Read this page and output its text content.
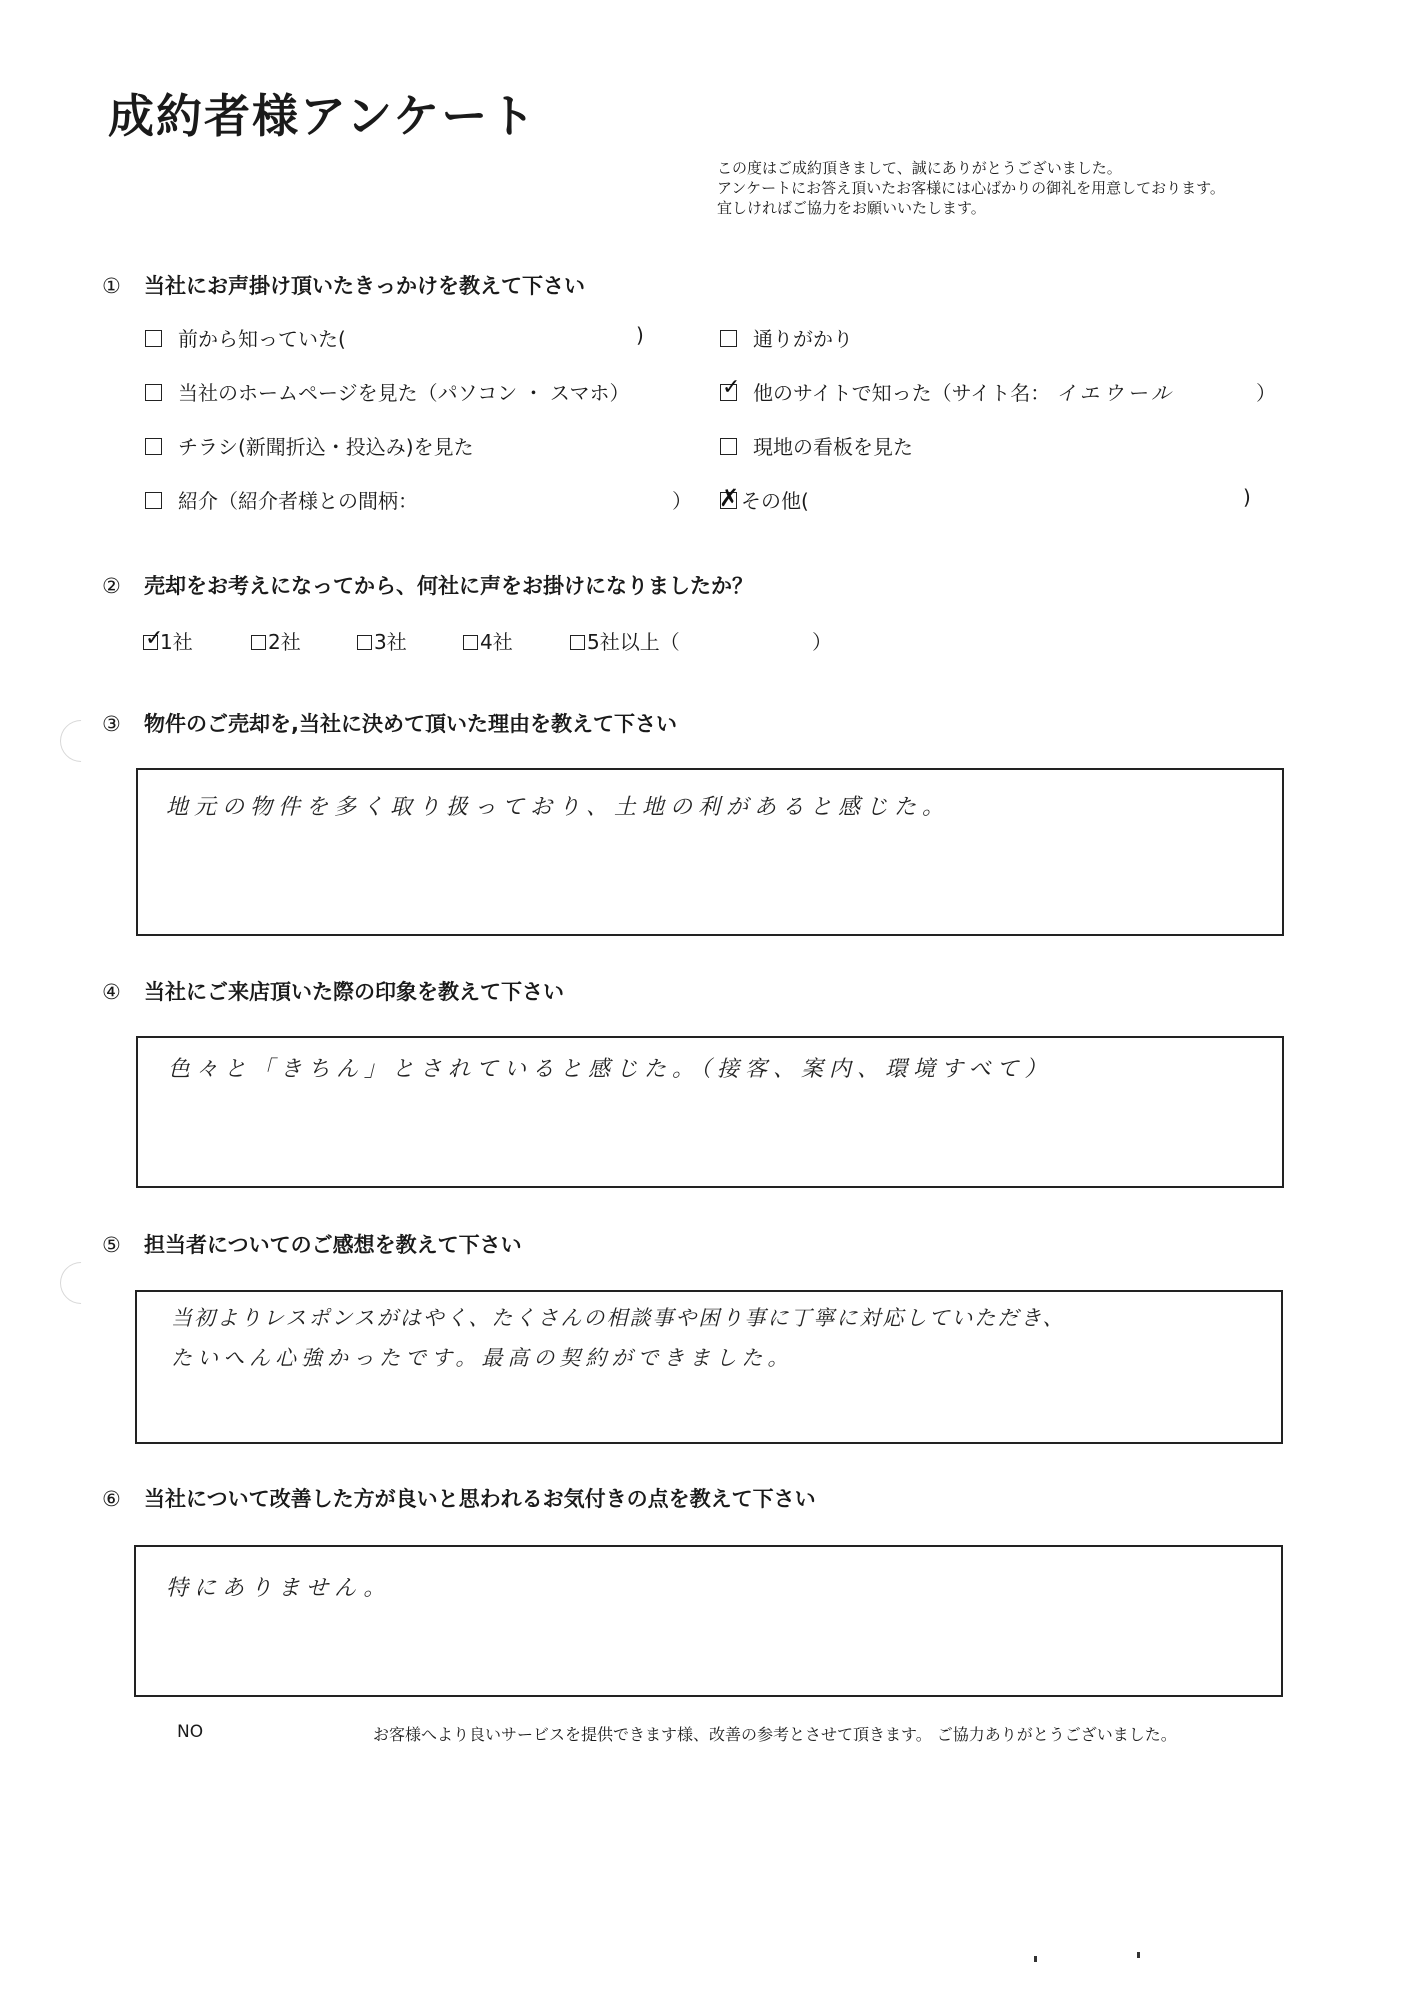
成約者様アンケート
この度はご成約頂きまして、誠にありがとうございました。
アンケートにお答え頂いたお客様には心ばかりの御礼を用意しております。
宜しければご協力をお願いいたします。
① 当社にお声掛け頂いたきっかけを教えて下さい
前から知っていた(	)	通りがかり
当社のホームページを見た（パソコン ・ スマホ） ✓	他のサイトで知った（サイト名： イエウール	）
チラシ(新聞折込・投込み)を見た	現地の看板を見た
紹介（紹介者様との間柄：	） ✗	その他(	)
② 売却をお考えになってから、何社に声をお掛けになりましたか？
✓1社	2社	3社	4社	5社以上（	）
③ 物件のご売却を,当社に決めて頂いた理由を教えて下さい
地元の物件を多く取り扱っており、土地の利があると感じた。
④ 当社にご来店頂いた際の印象を教えて下さい
色々と「きちん」とされていると感じた。（接客、案内、環境すべて）
⑤ 担当者についてのご感想を教えて下さい
当初よりレスポンスがはやく、たくさんの相談事や困り事に丁寧に対応していただき、
たいへん心強かったです。最高の契約ができました。
⑥ 当社について改善した方が良いと思われるお気付きの点を教えて下さい
特にありません。
NO	お客様へより良いサービスを提供できます様、改善の参考とさせて頂きます。 ご協力ありがとうございました。
